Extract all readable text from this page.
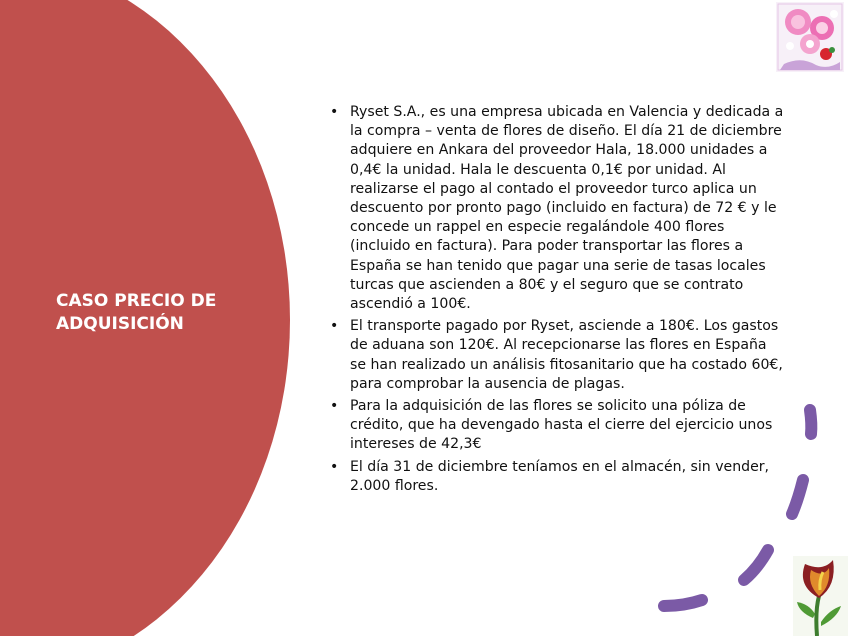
CASO PRECIO DE ADQUISICIÓN
• Ryset S.A., es una empresa ubicada en Valencia y dedicada a la compra – venta de flores de diseño. El día 21 de diciembre adquiere en Ankara del proveedor Hala, 18.000 unidades a 0,4€ la unidad. Hala le descuenta 0,1€ por unidad. Al realizarse el pago al contado el proveedor turco aplica un descuento por pronto pago (incluido en factura) de 72 € y le concede un rappel en especie regalándole 400 flores (incluido en factura). Para poder transportar las flores a España se han tenido que pagar una serie de tasas locales turcas que ascienden a 80€ y el seguro que se contrato ascendió a 100€.
• El transporte pagado por Ryset, asciende a 180€. Los gastos de aduana son 120€. Al recepcionarse las flores en España se han realizado un análisis fitosanitario que ha costado 60€, para comprobar la ausencia de plagas.
• Para la adquisición de las flores se solicito una póliza de crédito, que ha devengado hasta el cierre del ejercicio unos intereses de 42,3€
• El día 31 de diciembre teníamos en el almacén, sin vender, 2.000 flores.
